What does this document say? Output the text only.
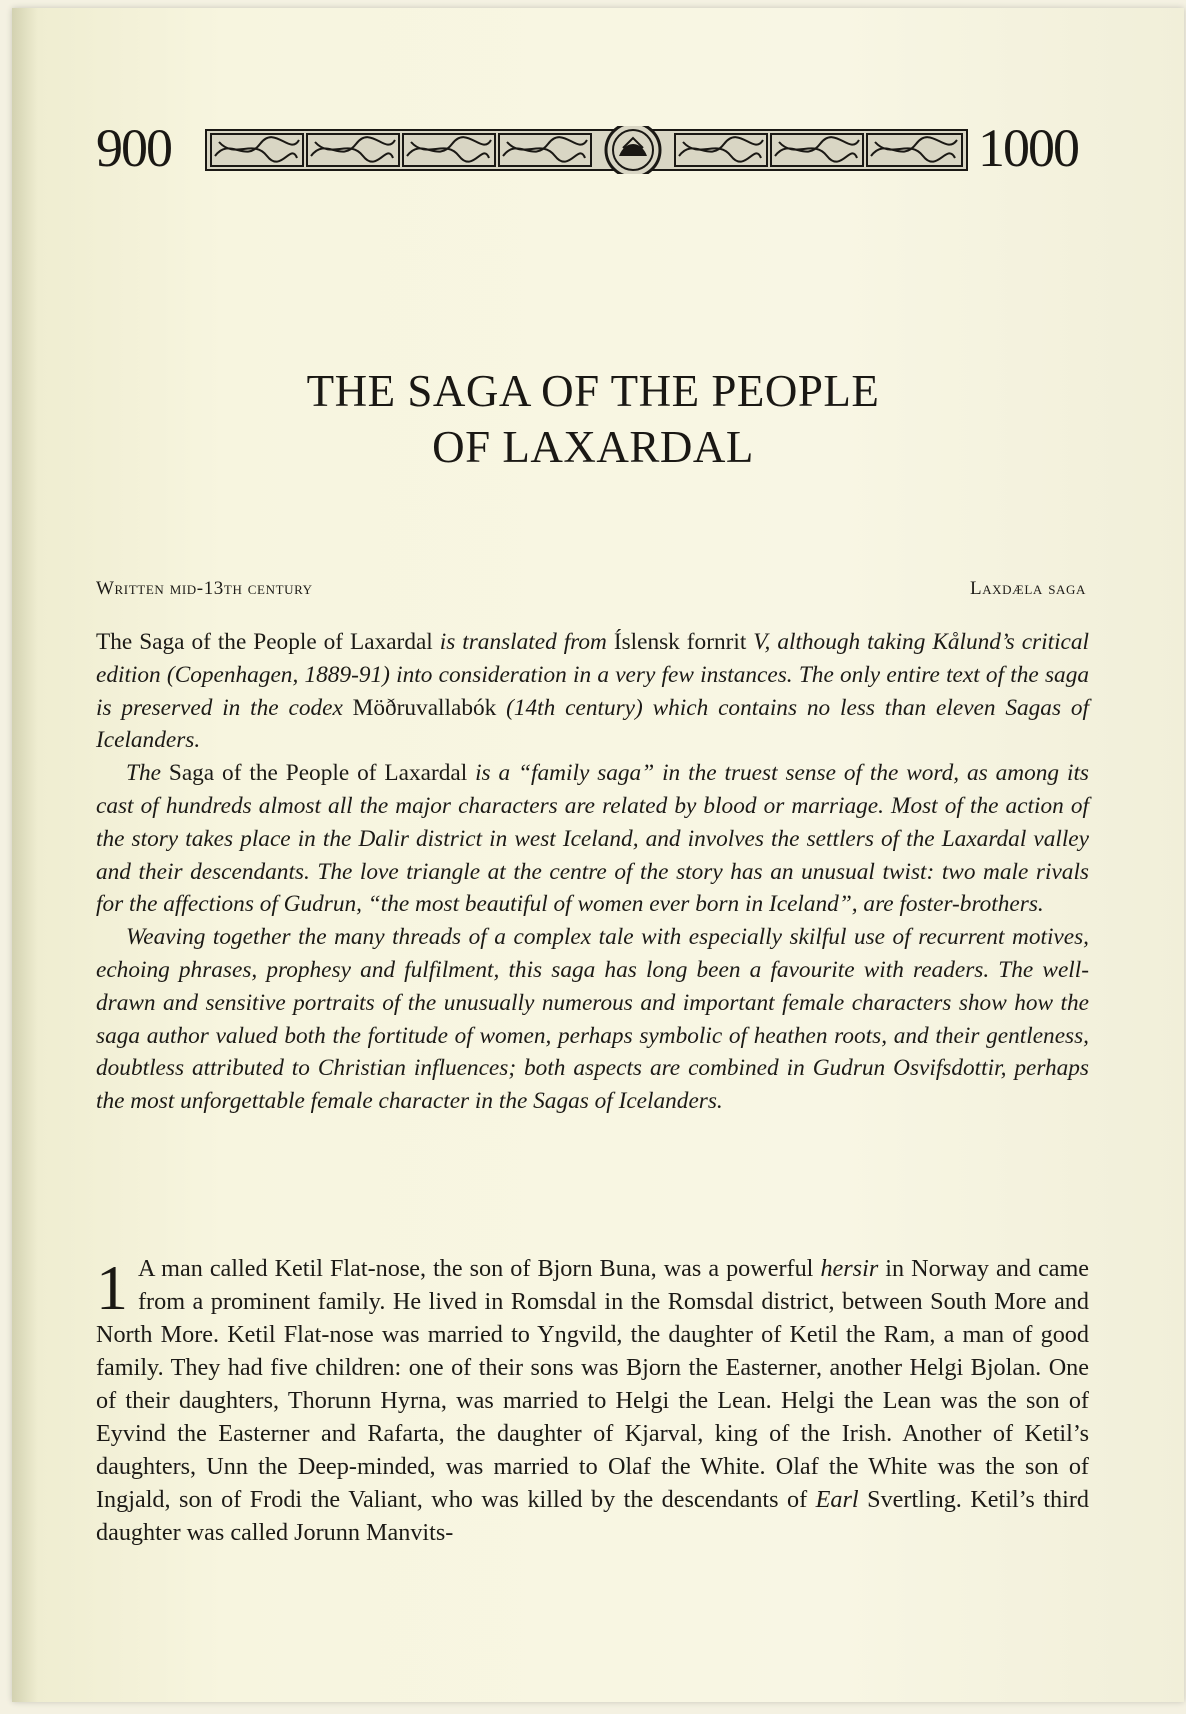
900	1000
THE SAGA OF THE PEOPLE
OF LAXARDAL
Written mid-13th century	Laxdæla saga

The Saga of the People of Laxardal is translated from Íslensk fornrit V, although taking Kålund’s critical edition (Copenhagen, 1889-91) into consideration in a very few instances. The only entire text of the saga is preserved in the codex Möðruvallabók (14th century) which contains no less than eleven Sagas of Icelanders.

The Saga of the People of Laxardal is a “family saga” in the truest sense of the word, as among its cast of hundreds almost all the major characters are related by blood or marriage. Most of the action of the story takes place in the Dalir district in west Iceland, and involves the settlers of the Laxardal valley and their descendants. The love triangle at the centre of the story has an unusual twist: two male rivals for the affections of Gudrun, “the most beautiful of women ever born in Iceland”, are foster-brothers.

Weaving together the many threads of a complex tale with especially skilful use of recurrent motives, echoing phrases, prophesy and fulfilment, this saga has long been a favourite with readers. The well-drawn and sensitive portraits of the unusually numerous and important female characters show how the saga author valued both the fortitude of women, perhaps symbolic of heathen roots, and their gentleness, doubtless attributed to Christian influences; both aspects are combined in Gudrun Osvifsdottir, perhaps the most unforgettable female character in the Sagas of Icelanders.

1 A man called Ketil Flat-nose, the son of Bjorn Buna, was a powerful hersir in Norway and came from a prominent family. He lived in Romsdal in the Romsdal district, between South More and North More. Ketil Flat-nose was married to Yngvild, the daughter of Ketil the Ram, a man of good family. They had five children: one of their sons was Bjorn the Easterner, another Helgi Bjolan. One of their daughters, Thorunn Hyrna, was married to Helgi the Lean. Helgi the Lean was the son of Eyvind the Easterner and Rafarta, the daughter of Kjarval, king of the Irish. Another of Ketil’s daughters, Unn the Deep-minded, was married to Olaf the White. Olaf the White was the son of Ingjald, son of Frodi the Valiant, who was killed by the descendants of Earl Svertling. Ketil’s third daughter was called Jorunn Manvits-
